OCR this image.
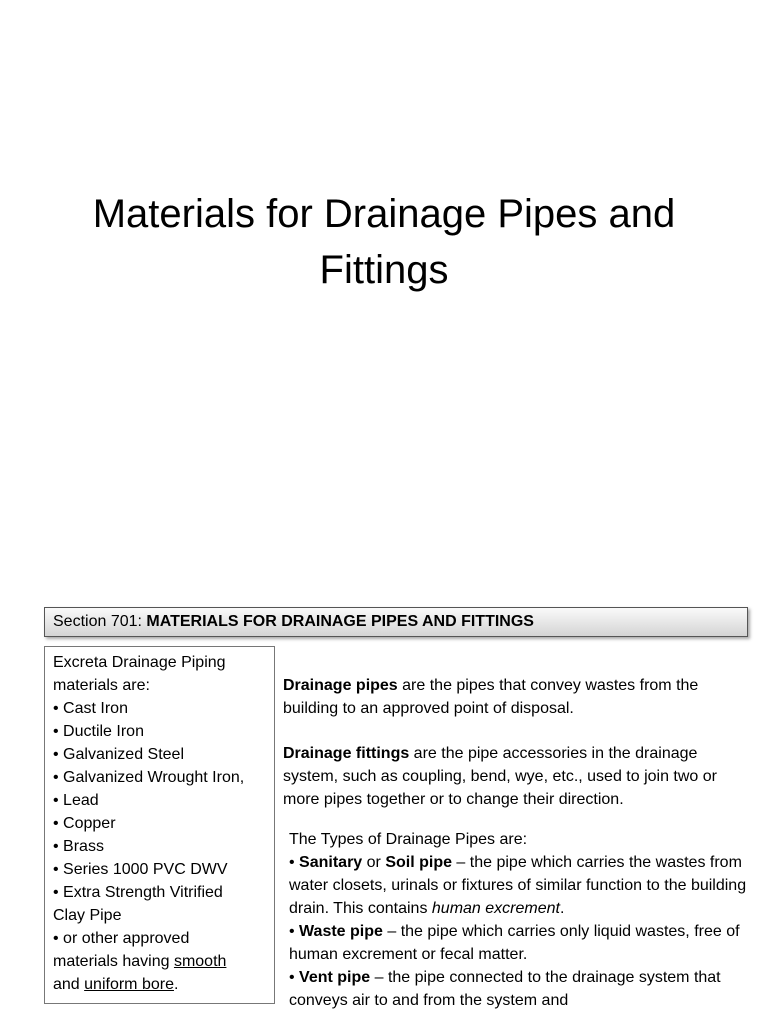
Materials for Drainage Pipes and
Fittings
Section 701: MATERIALS FOR DRAINAGE PIPES AND FITTINGS
Excreta Drainage Piping
materials are:
• Cast Iron
• Ductile Iron
• Galvanized Steel
• Galvanized Wrought Iron,
• Lead
• Copper
• Brass
• Series 1000 PVC DWV
• Extra Strength Vitrified
Clay Pipe
• or other approved
materials having smooth
and uniform bore.

Drainage pipes are the pipes that convey wastes from the building to an approved point of disposal.

Drainage fittings are the pipe accessories in the drainage system, such as coupling, bend, wye, etc., used to join two or more pipes together or to change their direction.

The Types of Drainage Pipes are:

• Sanitary or Soil pipe – the pipe which carries the wastes from water closets, urinals or fixtures of similar function to the building drain. This contains human excrement.

• Waste pipe – the pipe which carries only liquid wastes, free of human excrement or fecal matter.

• Vent pipe – the pipe connected to the drainage system that conveys air to and from the system and
